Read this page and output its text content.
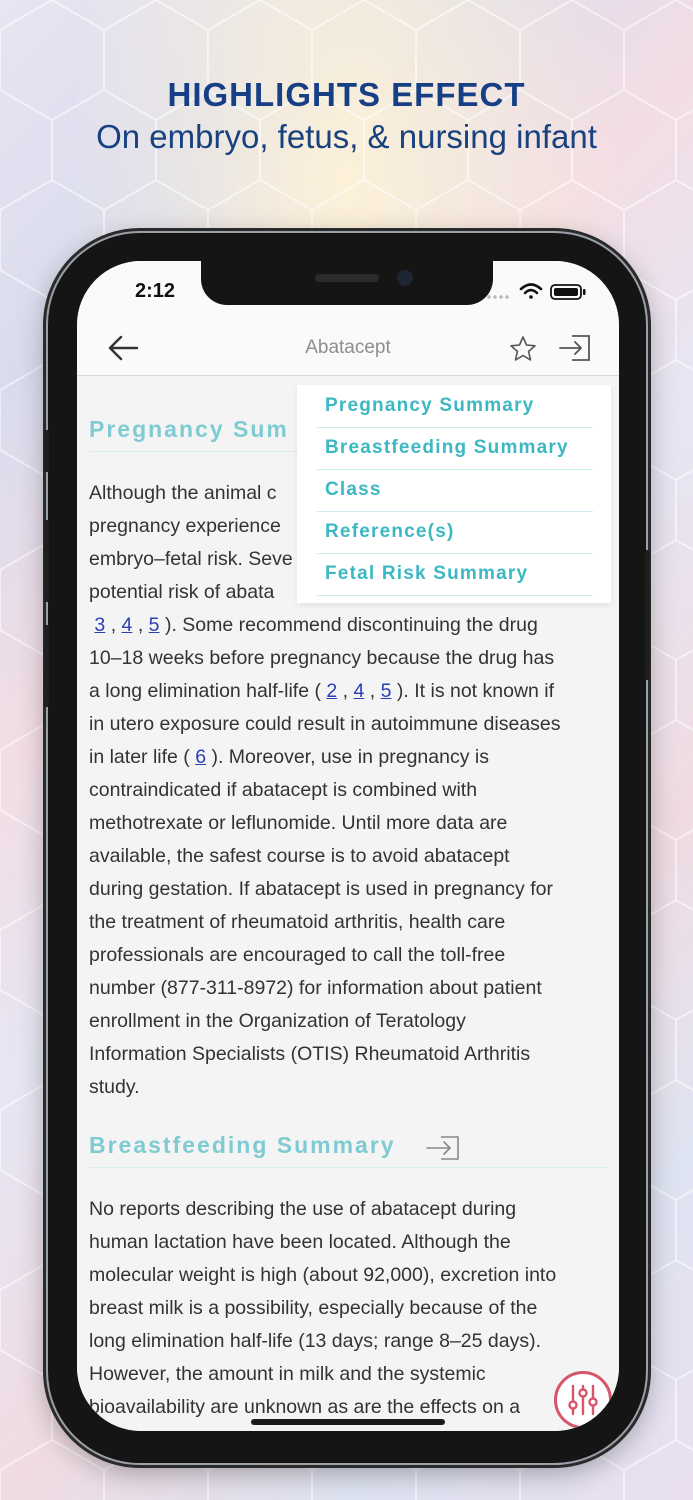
HIGHLIGHTS EFFECT
On embryo, fetus, & nursing infant
2:12
Abatacept
Pregnancy Sum
Although the animal c
pregnancy experience
embryo–fetal risk. Seve
potential risk of abata
3 , 4 , 5 ). Some recommend discontinuing the drug
10–18 weeks before pregnancy because the drug has
a long elimination half-life ( 2 , 4 , 5 ). It is not known if
in utero exposure could result in autoimmune diseases
in later life ( 6 ). Moreover, use in pregnancy is
contraindicated if abatacept is combined with
methotrexate or leflunomide. Until more data are
available, the safest course is to avoid abatacept
during gestation. If abatacept is used in pregnancy for
the treatment of rheumatoid arthritis, health care
professionals are encouraged to call the toll-free
number (877-311-8972) for information about patient
enrollment in the Organization of Teratology
Information Specialists (OTIS) Rheumatoid Arthritis
study.
Breastfeeding Summary
No reports describing the use of abatacept during
human lactation have been located. Although the
molecular weight is high (about 92,000), excretion into
breast milk is a possibility, especially because of the
long elimination half-life (13 days; range 8–25 days).
However, the amount in milk and the systemic
bioavailability are unknown as are the effects on a
Pregnancy Summary
Breastfeeding Summary
Class
Reference(s)
Fetal Risk Summary
